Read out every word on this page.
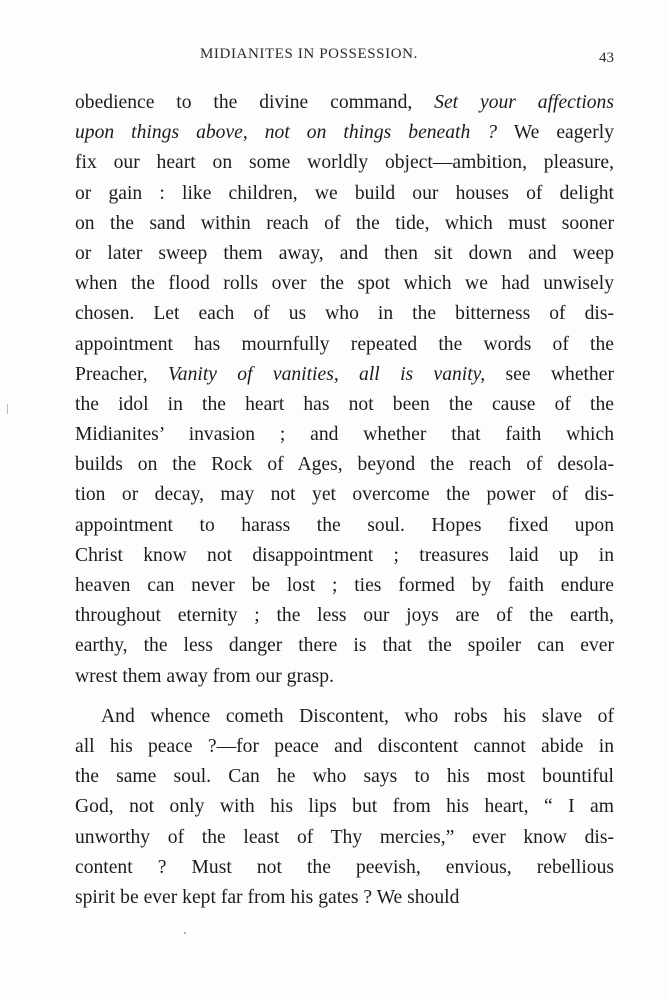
MIDIANITES IN POSSESSION.	43
obedience to the divine command, Set your affections
upon things above, not on things beneath ? We eagerly
fix our heart on some worldly object—ambition, pleasure,
or gain : like children, we build our houses of delight
on the sand within reach of the tide, which must sooner
or later sweep them away, and then sit down and weep
when the flood rolls over the spot which we had unwisely
chosen. Let each of us who in the bitterness of dis-
appointment has mournfully repeated the words of the
Preacher, Vanity of vanities, all is vanity, see whether
the idol in the heart has not been the cause of the
Midianites’ invasion ; and whether that faith which
builds on the Rock of Ages, beyond the reach of desola-
tion or decay, may not yet overcome the power of dis-
appointment to harass the soul. Hopes fixed upon
Christ know not disappointment ; treasures laid up in
heaven can never be lost ; ties formed by faith endure
throughout eternity ; the less our joys are of the earth,
earthy, the less danger there is that the spoiler can ever
wrest them away from our grasp.
And whence cometh Discontent, who robs his slave of
all his peace ?—for peace and discontent cannot abide in
the same soul. Can he who says to his most bountiful
God, not only with his lips but from his heart, “ I am
unworthy of the least of Thy mercies,” ever know dis-
content ? Must not the peevish, envious, rebellious
spirit be ever kept far from his gates ? We should
